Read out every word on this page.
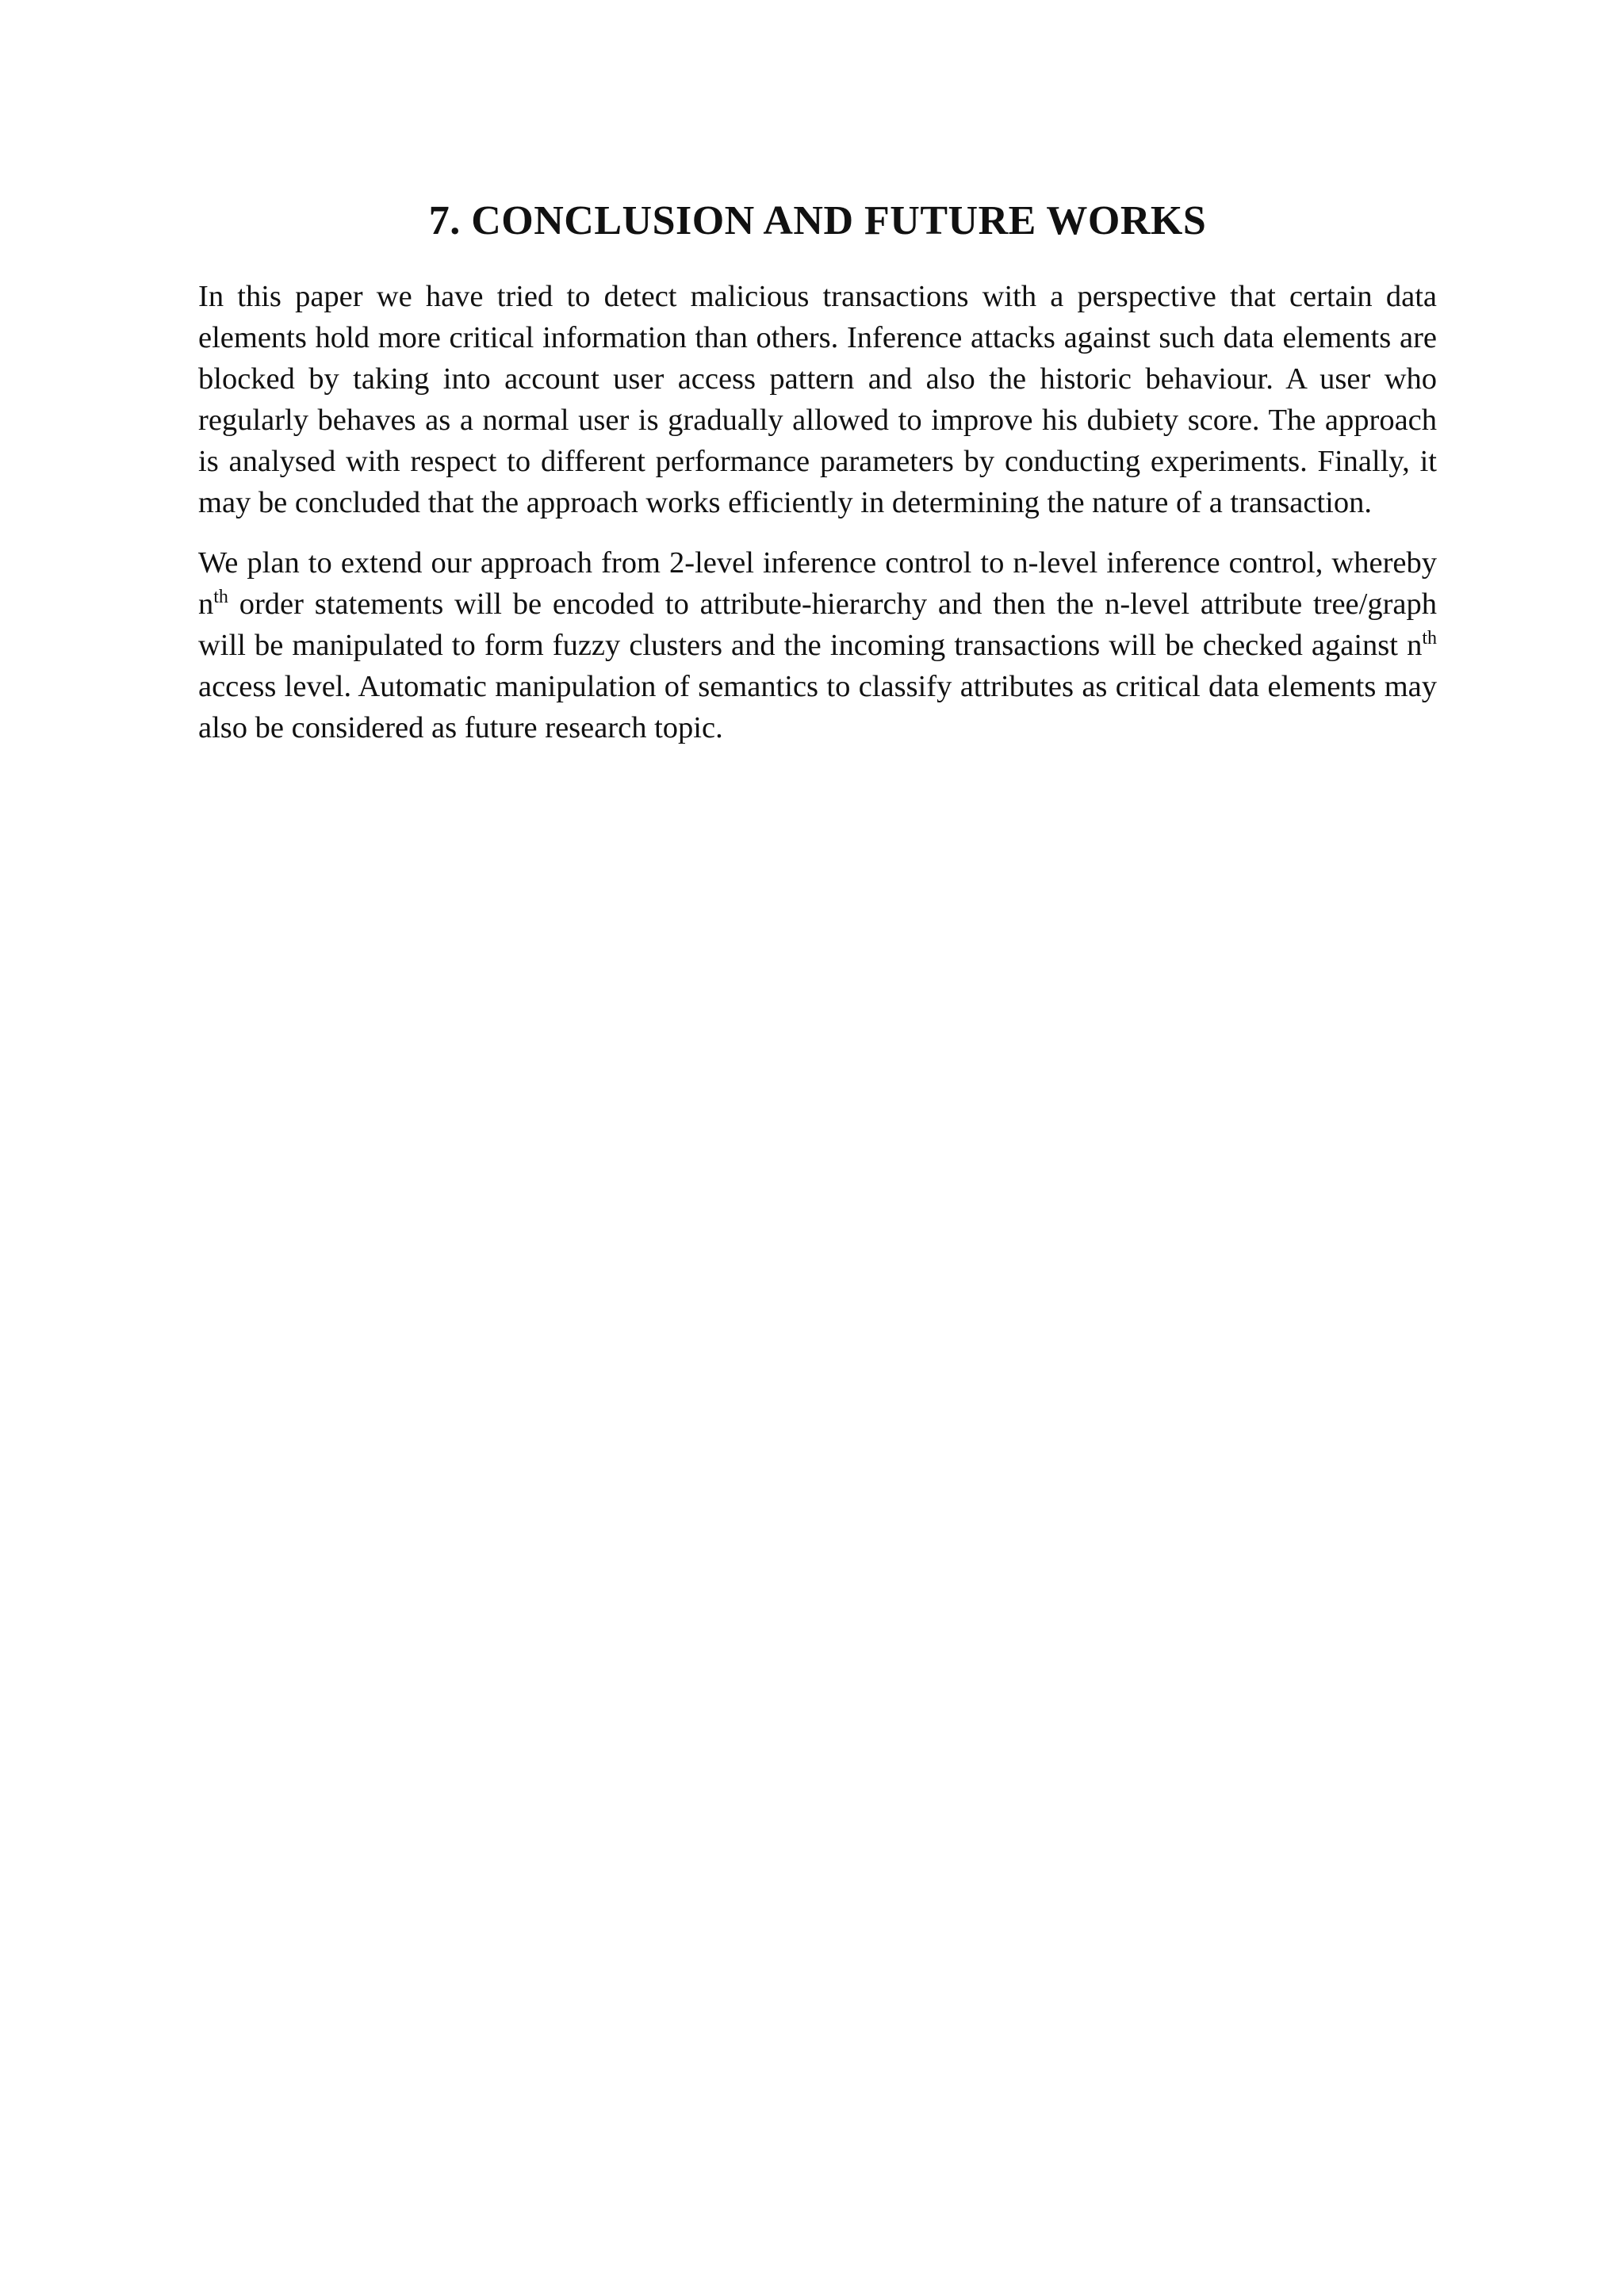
7. CONCLUSION AND FUTURE WORKS

In this paper we have tried to detect malicious transactions with a perspective that certain data elements hold more critical information than others. Inference attacks against such data elements are blocked by taking into account user access pattern and also the historic behaviour. A user who regularly behaves as a normal user is gradually allowed to improve his dubiety score. The approach is analysed with respect to different performance parameters by conducting experiments. Finally, it may be concluded that the approach works efficiently in determining the nature of a transaction.

We plan to extend our approach from 2-level inference control to n-level inference control, whereby $n^{th}$ order statements will be encoded to attribute-hierarchy and then the n-level attribute tree/graph will be manipulated to form fuzzy clusters and the incoming transactions will be checked against $n^{th}$ access level. Automatic manipulation of semantics to classify attributes as critical data elements may also be considered as future research topic.
